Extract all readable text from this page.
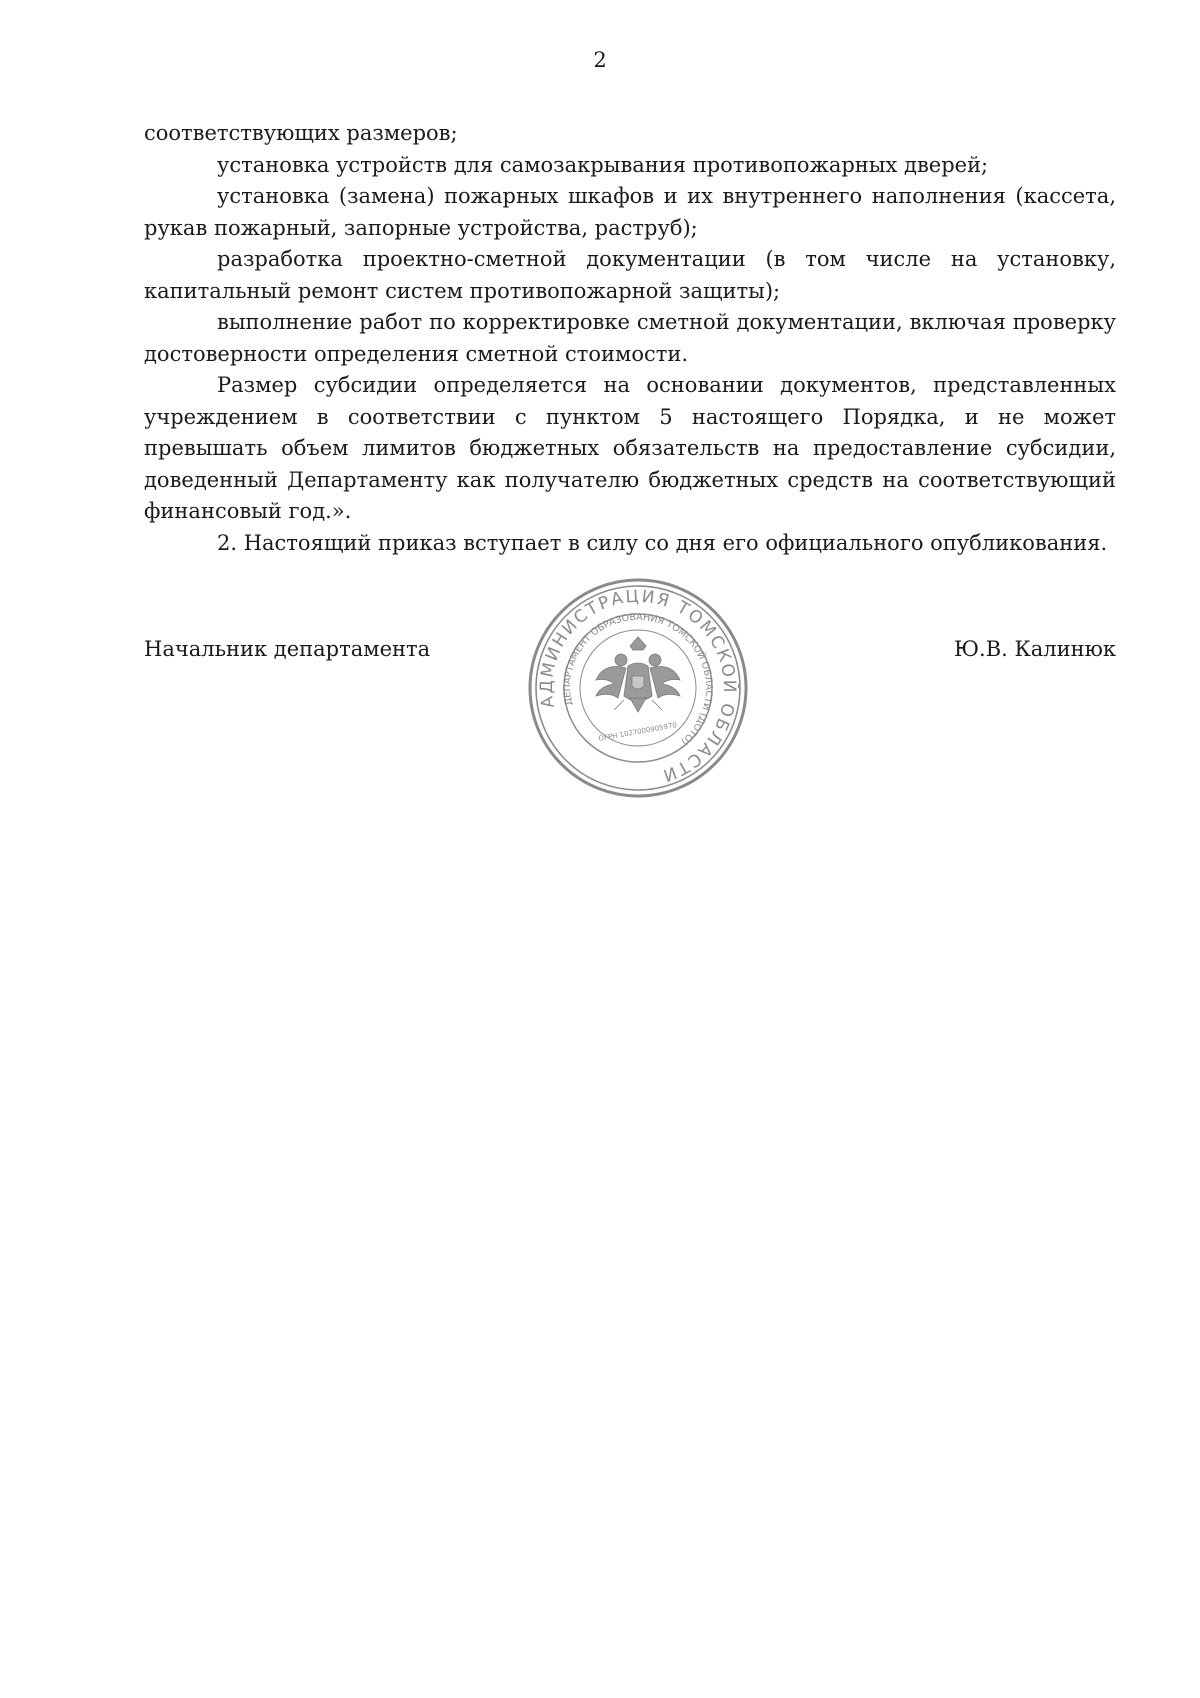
2

соответствующих размеров;

установка устройств для самозакрывания противопожарных дверей;

установка (замена) пожарных шкафов и их внутреннего наполнения (кассета, рукав пожарный, запорные устройства, раструб);

разработка проектно-сметной документации (в том числе на установку, капитальный ремонт систем противопожарной защиты);

выполнение работ по корректировке сметной документации, включая проверку достоверности определения сметной стоимости.

Размер субсидии определяется на основании документов, представленных учреждением в соответствии с пунктом 5 настоящего Порядка, и не может превышать объем лимитов бюджетных обязательств на предоставление субсидии, доведенный Департаменту как получателю бюджетных средств на соответствующий финансовый год.».

2. Настоящий приказ вступает в силу со дня его официального опубликования.

Начальник департамента	Ю.В. Калинюк
АДМИНИСТРАЦИЯ ТОМСКОЙ ОБЛАСТИ
ДЕПАРТАМЕНТ ОБРАЗОВАНИЯ ТОМСКОЙ ОБЛАСТИ (ДОТО)
ОГРН 1027000905970
